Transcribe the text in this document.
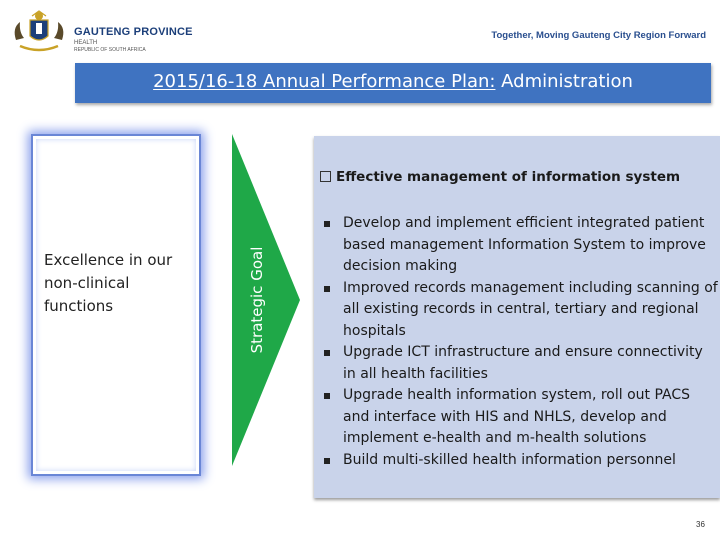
GAUTENG PROVINCE
HEALTH
REPUBLIC OF SOUTH AFRICA
Together, Moving Gauteng City Region Forward
2015/16-18 Annual Performance Plan: Administration
Excellence in our non-clinical functions	Strategic Goal
Effective management of information system
Develop and implement efficient integrated patient based management Information System to improve decision making
Improved records management including scanning of all existing records in central, tertiary and regional hospitals
Upgrade ICT infrastructure and ensure connectivity in all health facilities
Upgrade health information system, roll out PACS and interface with HIS and NHLS, develop and implement e-health and m-health solutions
Build multi-skilled health information personnel
36
